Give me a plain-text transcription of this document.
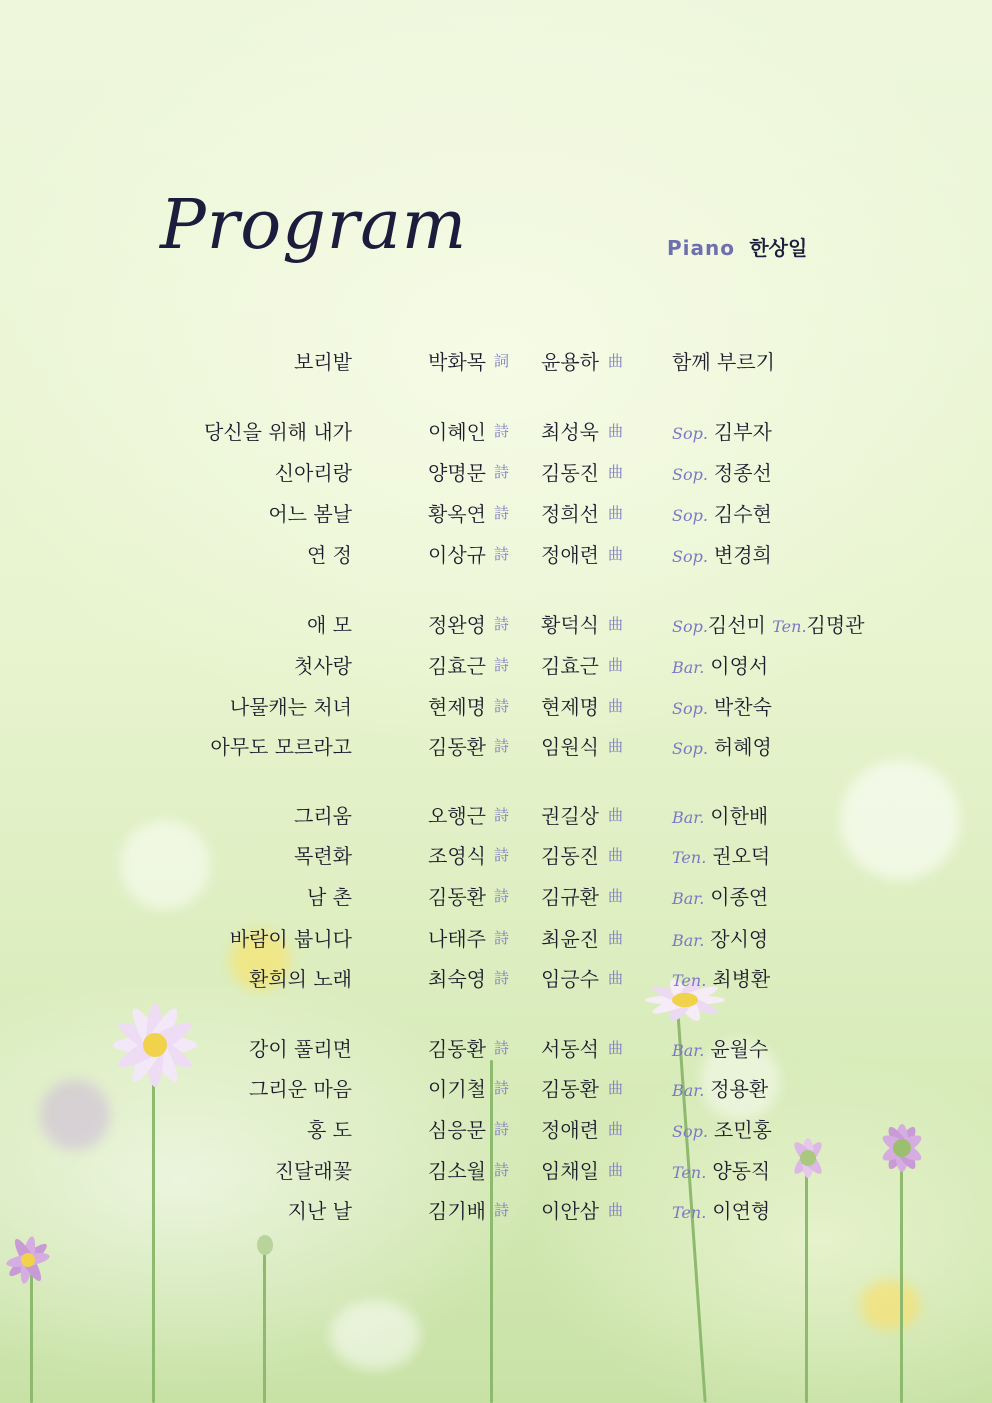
Program	Piano 한상일
보리밭	박화목 詞 윤용하 曲 함께 부르기
당신을 위해 내가	이혜인 詩 최성욱 曲	Sop. 김부자
신아리랑	양명문 詩 김동진 曲	Sop. 정종선
어느 봄날	황옥연 詩 정희선 曲	Sop. 김수현
연 정	이상규 詩 정애련 曲	Sop. 변경희
애 모	정완영 詩 황덕식 曲	Sop.김선미 Ten.김명관
첫사랑	김효근 詩 김효근 曲	Bar. 이영서
나물캐는 처녀	현제명 詩 현제명 曲	Sop. 박찬숙
아무도 모르라고	김동환 詩 임원식 曲	Sop. 허혜영
그리움	오행근 詩 권길상 曲	Bar. 이한배
목련화	조영식 詩 김동진 曲	Ten. 권오덕
남 촌	김동환 詩 김규환 曲	Bar. 이종연
바람이 붑니다	나태주 詩 최윤진 曲	Bar. 장시영
환희의 노래	최숙영 詩 임긍수 曲	Ten. 최병환
강이 풀리면	김동환 詩 서동석 曲	Bar. 윤월수
그리운 마음	이기철 詩 김동환 曲	Bar. 정용환
홍 도	심응문 詩 정애련 曲	Sop. 조민홍
진달래꽃	김소월 詩 임채일 曲	Ten. 양동직
지난 날	김기배 詩 이안삼 曲	Ten. 이연형
